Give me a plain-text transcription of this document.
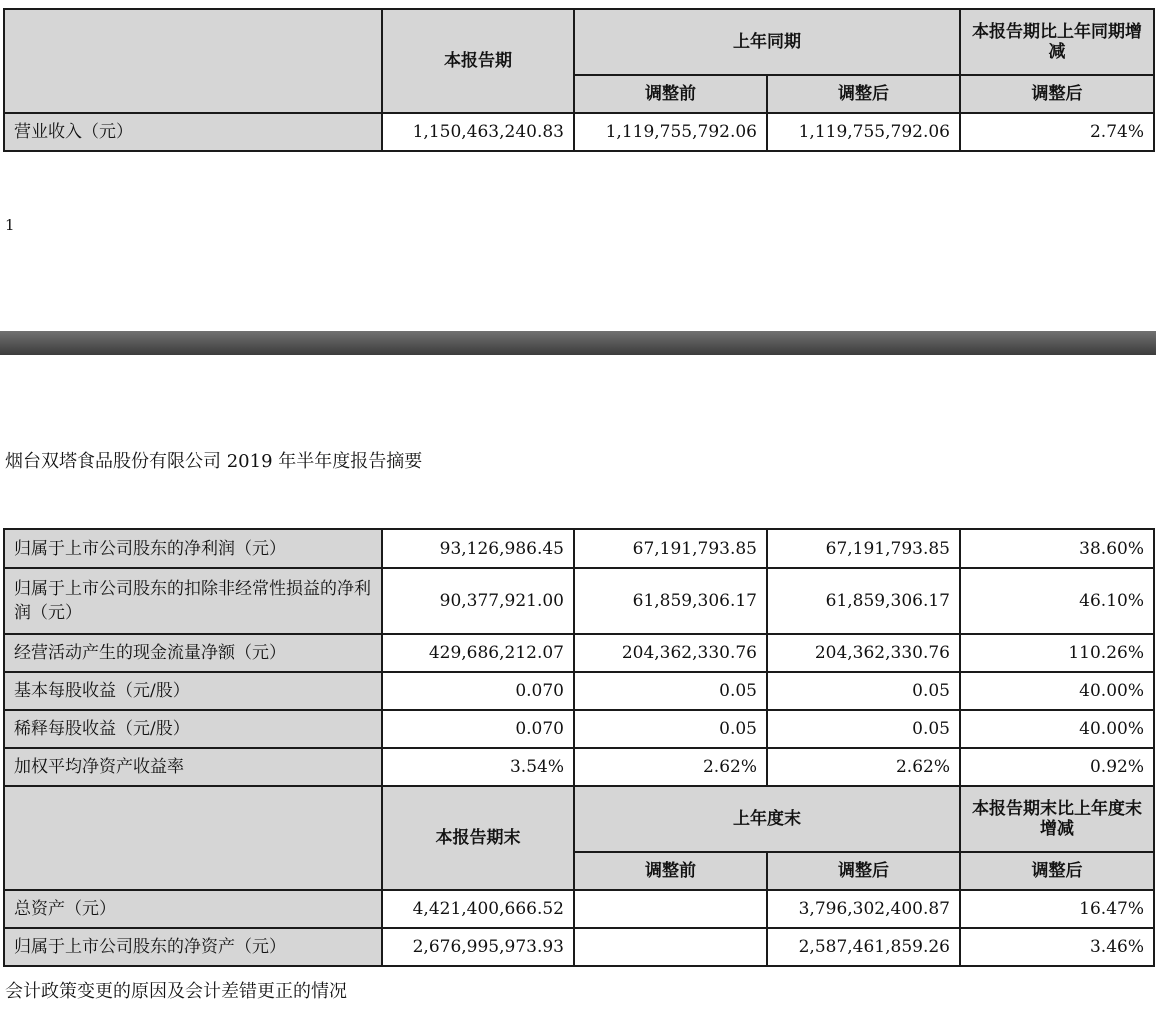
	本报告期	上年同期		本报告期比上年同期增减
		调整前	调整后	调整后
营业收入（元）	1,150,463,240.83	1,119,755,792.06	1,119,755,792.06	2.74%
1
烟台双塔食品股份有限公司 2019 年半年度报告摘要
归属于上市公司股东的净利润（元）	93,126,986.45	67,191,793.85	67,191,793.85	38.60%
归属于上市公司股东的扣除非经常性损益的净利润（元）	90,377,921.00	61,859,306.17	61,859,306.17	46.10%
经营活动产生的现金流量净额（元）	429,686,212.07	204,362,330.76	204,362,330.76	110.26%
基本每股收益（元/股）	0.070	0.05	0.05	40.00%
稀释每股收益（元/股）	0.070	0.05	0.05	40.00%
加权平均净资产收益率	3.54%	2.62%	2.62%	0.92%
	本报告期末	上年度末		本报告期末比上年度末增减
		调整前	调整后	调整后
总资产（元）	4,421,400,666.52		3,796,302,400.87	16.47%
归属于上市公司股东的净资产（元）	2,676,995,973.93		2,587,461,859.26	3.46%
会计政策变更的原因及会计差错更正的情况
